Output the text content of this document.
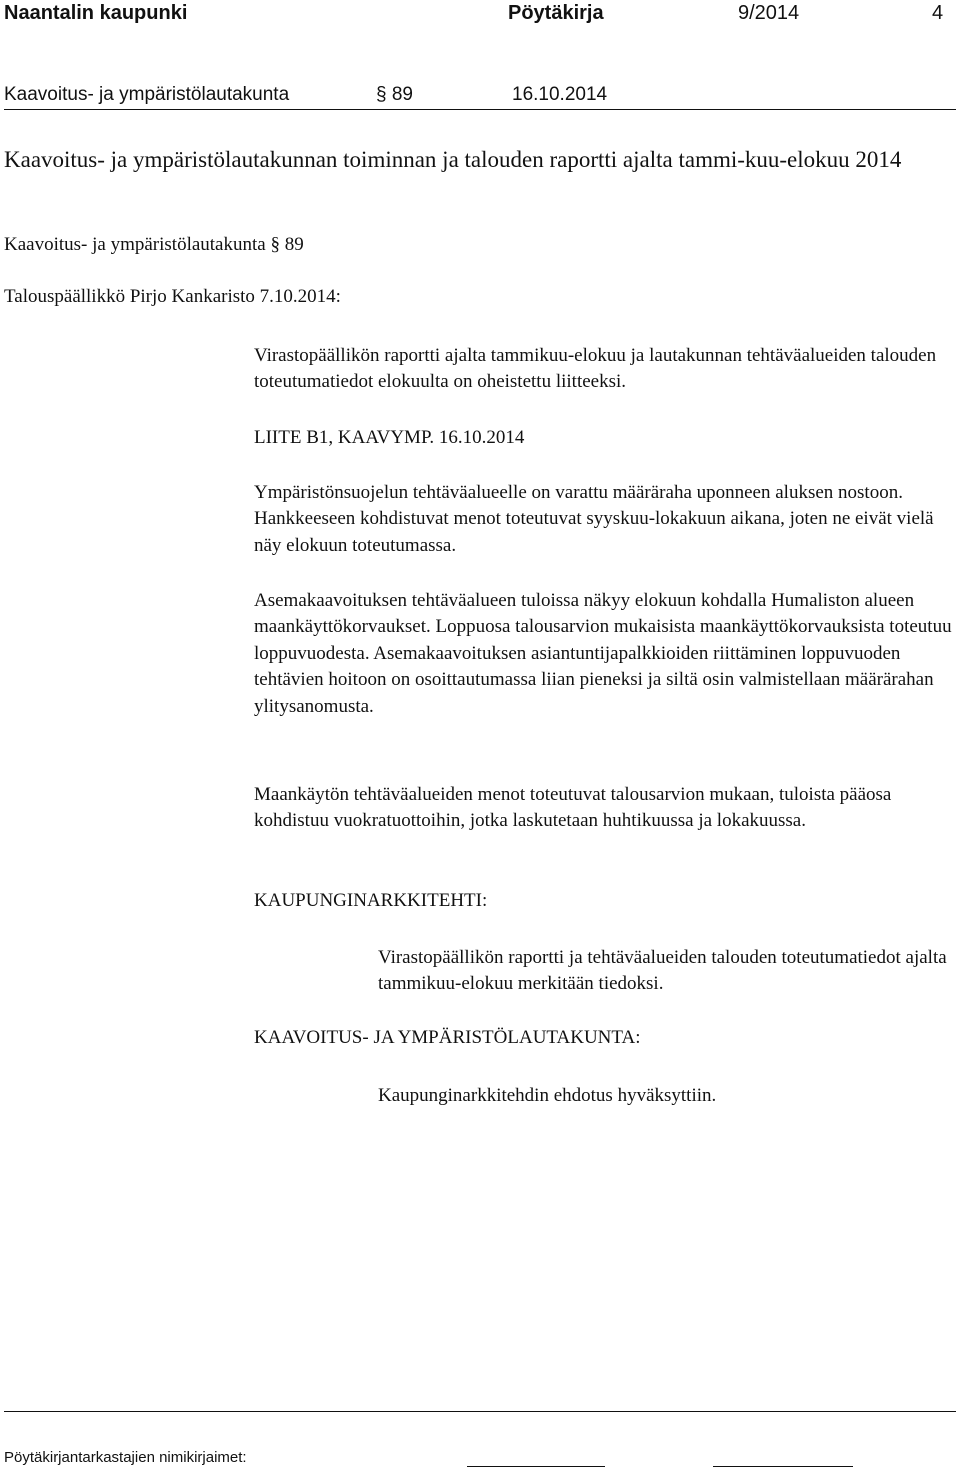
Naantalin kaupunki	Pöytäkirja	9/2014	4
Kaavoitus- ja ympäristölautakunta	§ 89	16.10.2014
Kaavoitus- ja ympäristölautakunnan toiminnan ja talouden raportti ajalta tammi-kuu-elokuu 2014
Kaavoitus- ja ympäristölautakunta § 89
Talouspäällikkö Pirjo Kankaristo 7.10.2014:

Virastopäällikön raportti ajalta tammikuu-elokuu ja lautakunnan tehtäväalueiden talouden toteutumatiedot elokuulta on oheistettu liitteeksi.

LIITE B1, KAAVYMP. 16.10.2014

Ympäristönsuojelun tehtäväalueelle on varattu määräraha uponneen aluksen nostoon. Hankkeeseen kohdistuvat menot toteutuvat syyskuu-lokakuun aikana, joten ne eivät vielä näy elokuun toteutumassa.

Asemakaavoituksen tehtäväalueen tuloissa näkyy elokuun kohdalla Humaliston alueen maankäyttökorvaukset. Loppuosa talousarvion mukaisista maankäyttökorvauksista toteutuu loppuvuodesta. Asemakaavoituksen asiantuntijapalkkioiden riittäminen loppuvuoden tehtävien hoitoon on osoittautumassa liian pieneksi ja siltä osin valmistellaan määrärahan ylitysanomusta.

Maankäytön tehtäväalueiden menot toteutuvat talousarvion mukaan, tuloista pääosa kohdistuu vuokratuottoihin, jotka laskutetaan huhtikuussa ja lokakuussa.

KAUPUNGINARKKITEHTI:

Virastopäällikön raportti ja tehtäväalueiden talouden toteutumatiedot ajalta tammikuu-elokuu merkitään tiedoksi.

KAAVOITUS- JA YMPÄRISTÖLAUTAKUNTA:

Kaupunginarkkitehdin ehdotus hyväksyttiin.

Pöytäkirjantarkastajien nimikirjaimet:
